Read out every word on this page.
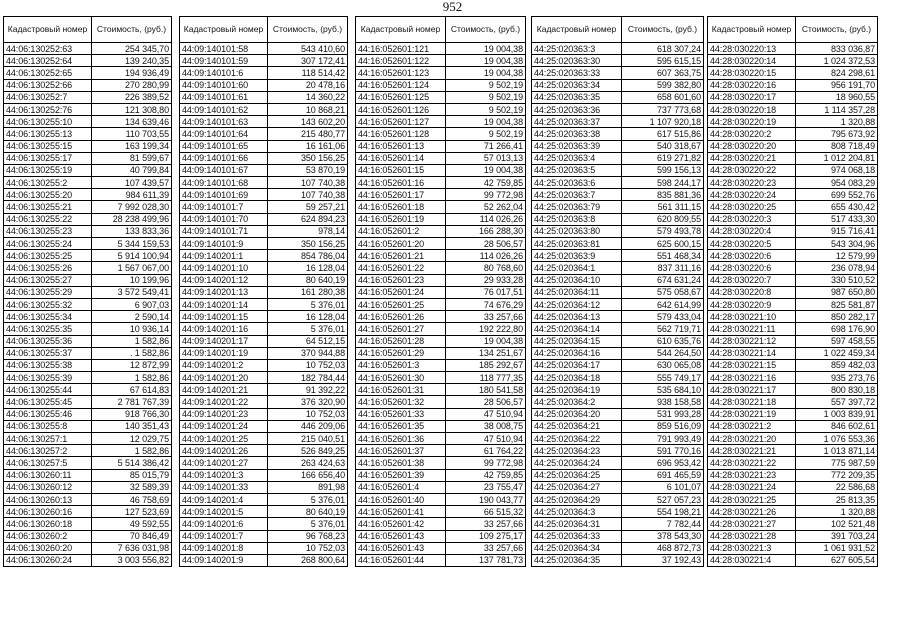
952
Кадастровый номер	Стоимость, (руб.)
44:06:130252:63	254 345,70
44:06:130252:64	139 240,35
44:06:130252:65	194 936,49
44:06:130252:66	270 280,99
44:06:130252:7	226 389,52
44:06:130252:76	121 308,80
44:06:130255:10	134 639,46
44:06:130255:13	110 703,55
44:06:130255:15	163 199,34
44:06:130255:17	81 599,67
44:06:130255:19	40 799,84
44:06:130255:2	107 439,57
44:06:130255:20	984 611,39
44:06:130255:21	7 992 028,30
44:06:130255:22	28 238 499,96
44:06:130255:23	133 833,36
44:06:130255:24	5 344 159,53
44:06:130255:25	5 914 100,94
44:06:130255:26	1 567 067,00
44:06:130255:27	10 199,96
44:06:130255:29	3 572 549,41
44:06:130255:32	6 907,03
44:06:130255:34	2 590,14
44:06:130255:35	10 936,14
44:06:130255:36	1 582,86
44:06:130255:37	. 1 582,86
44:06:130255:38	12 872,99
44:06:130255:39	1 582,86
44:06:130255:44	67 614,83
44:06:130255:45	2 781 767,39
44:06:130255:46	918 766,30
44:06:130255:8	140 351,43
44:06:130257:1	12 029,75
44:06:130257:2	1 582,86
44:06:130257:5	5 514 386,42
44:06:130260:11	85 015,79
44:06:130260:12	32 589,39
44:06:130260:13	46 758,69
44:06:130260:16	127 523,69
44:06:130260:18	49 592,55
44:06:130260:2	70 846,49
44:06:130260:20	7 636 031,98
44:06:130260:24	3 003 556,82
Кадастровый номер	Стоимость, (руб.)
44:09:140101:58	543 410,60
44:09:140101:59	307 172,41
44:09:140101:6	118 514,42
44:09:140101:60	20 478,16
44:09:140101:61	14 360,22
44:09:140101:62	10 868,21
44:09:140101:63	143 602,20
44:09:140101:64	215 480,77
44:09:140101:65	16 161,06
44:09:140101:66	350 156,25
44:09:140101:67	53 870,19
44:09:140101:68	107 740,38
44:09:140101:69	107 740,38
44:09:140101:7	59 257,21
44:09:140101:70	624 894,23
44:09:140101:71	978,14
44:09:140101:9	350 156,25
44:09:140201:1	854 786,04
44:09:140201:10	16 128,04
44:09:140201:12	80 640,19
44:09:140201:13	161 280,38
44:09:140201:14	5 376,01
44:09:140201:15	16 128,04
44:09:140201:16	5 376,01
44:09:140201:17	64 512,15
44:09:140201:19	370 944,88
44:09:140201:2	10 752,03
44:09:140201:20	182 784,44
44:09:140201:21	91 392,22
44:09:140201:22	376 320,90
44:09:140201:23	10 752,03
44:09:140201:24	446 209,06
44:09:140201:25	215 040,51
44:09:140201:26	526 849,25
44:09:140201:27	263 424,63
44:09:140201:3	166 656,40
44:09:140201:33	891,98
44:09:140201:4	5 376,01
44:09:140201:5	80 640,19
44:09:140201:6	5 376,01
44:09:140201:7	96 768,23
44:09:140201:8	10 752,03
44:09:140201:9	268 800,64
Кадастровый номер	Стоимость, (руб.)
44:16:052601:121	19 004,38
44:16:052601:122	19 004,38
44:16:052601:123	19 004,38
44:16:052601:124	9 502,19
44:16:052601:125	9 502,19
44:16:052601:126	9 502,19
44:16:052601:127	19 004,38
44:16:052601:128	9 502,19
44:16:052601:13	71 266,41
44:16:052601:14	57 013,13
44:16:052601:15	19 004,38
44:16:052601:16	42 759,85
44:16:052601:17	99 772,98
44:16:052601:18	52 262,04
44:16:052601:19	114 026,26
44:16:052601:2	166 288,30
44:16:052601:20	28 506,57
44:16:052601:21	114 026,26
44:16:052601:22	80 768,60
44:16:052601:23	29 933,28
44:16:052601:24	76 017,51
44:16:052601:25	74 676,29
44:16:052601:26	33 257,66
44:16:052601:27	192 222,80
44:16:052601:28	19 004,38
44:16:052601:29	134 251,67
44:16:052601:3	185 292,67
44:16:052601:30	118 777,35
44:16:052601:31	180 541,58
44:16:052601:32	28 506,57
44:16:052601:33	47 510,94
44:16:052601:35	38 008,75
44:16:052601:36	47 510,94
44:16:052601:37	61 764,22
44:16:052601:38	99 772,98
44:16:052601:39	42 759,85
44:16:052601:4	23 755,47
44:16:052601:40	190 043,77
44:16:052601:41	66 515,32
44:16:052601:42	33 257,66
44:16:052601:43	109 275,17
44:16:052601:43	33 257,66
44:16:052601:44	137 781,73
Кадастровый номер	Стоимость, (руб.)
44:25:020363:3	618 307,24
44:25:020363:30	595 615,15
44:25:020363:33	607 363,75
44:25:020363:34	599 382,80
44:25:020363:35	658 601,60
44:25:020363:36	737 773,68
44:25:020363:37	1 107 920,18
44:25:020363:38	617 515,86
44:25:020363:39	540 318,67
44:25:020363:4	619 271,82
44:25:020363:5	599 156,13
44:25:020363:6	598 244,17
44:25:020363:7	835 881,36
44:25:020363:79	561 311,15
44:25:020363:8	620 809,55
44:25:020363:80	579 493,78
44:25:020363:81	625 600,15
44:25:020363:9	551 468,34
44:25:020364:1	837 311,16
44:25:020364:10	674 631,24
44:25:020364:11	575 058,67
44:25:020364:12	642 614,99
44:25:020364:13	579 433,04
44:25:020364:14	562 719,71
44:25:020364:15	610 635,76
44:25:020364:16	544 264,50
44:25:020364:17	630 065,08
44:25:020364:18	555 749,17
44:25:020364:19	535 684,10
44:25:020364:2	938 158,58
44:25:020364:20	531 993,28
44:25:020364:21	859 516,09
44:25:020364:22	791 993,49
44:25:020364:23	591 770,16
44:25:020364:24	696 953,42
44:25:020364:25	691 465,59
44:25:020364:27	6 101,07
44:25:020364:29	527 057,23
44:25:020364:3	554 198,21
44:25:020364:31	7 782,44
44:25:020364:33	378 543,30
44:25:020364:34	468 872,73
44:25:020364:35	37 192,43
Кадастровый номер	Стоимость, (руб.)
44:28:030220:13	833 036,87
44:28:030220:14	1 024 372,53
44:28:030220:15	824 298,61
44:28:030220:16	956 191,70
44:28:030220:17	18 960,55
44:28:030220:18	1 114 357,28
44:28:030220:19	1 320,88
44:28:030220:2	795 673,92
44:28:030220:20	808 718,49
44:28:030220:21	1 012 204,81
44:28:030220:22	974 068,18
44:28:030220:23	954 083,29
44:28:030220:24	699 552,76
44:28:030220:25	655 430,42
44:28:030220:3	517 433,30
44:28:030220:4	915 716,41
44:28:030220:5	543 304,96
44:28:030220:6	12 579,99
44:28:030220:6	236 078,94
44:28:030220:7	330 510,52
44:28:030220:8	987 650,80
44:28:030220:9	825 581,87
44:28:030221:10	850 282,17
44:28:030221:11	698 176,90
44:28:030221:12	597 458,55
44:28:030221:14	1 022 459,34
44:28:030221:15	859 482,03
44:28:030221:16	935 273,76
44:28:030221:17	800 830,18
44:28:030221:18	557 397,72
44:28:030221:19	1 003 839,91
44:28:030221:2	846 602,61
44:28:030221:20	1 076 553,36
44:28:030221:21	1 013 871,14
44:28:030221:22	775 987,59
44:28:030221:23	772 209,35
44:28:030221:24	22 586,68
44:28:030221:25	25 813,35
44:28:030221:26	1 320,88
44:28:030221:27	102 521,48
44:28:030221:28	391 703,24
44:28:030221:3	1 061 931,52
44:28:030221:4	627 605,54
